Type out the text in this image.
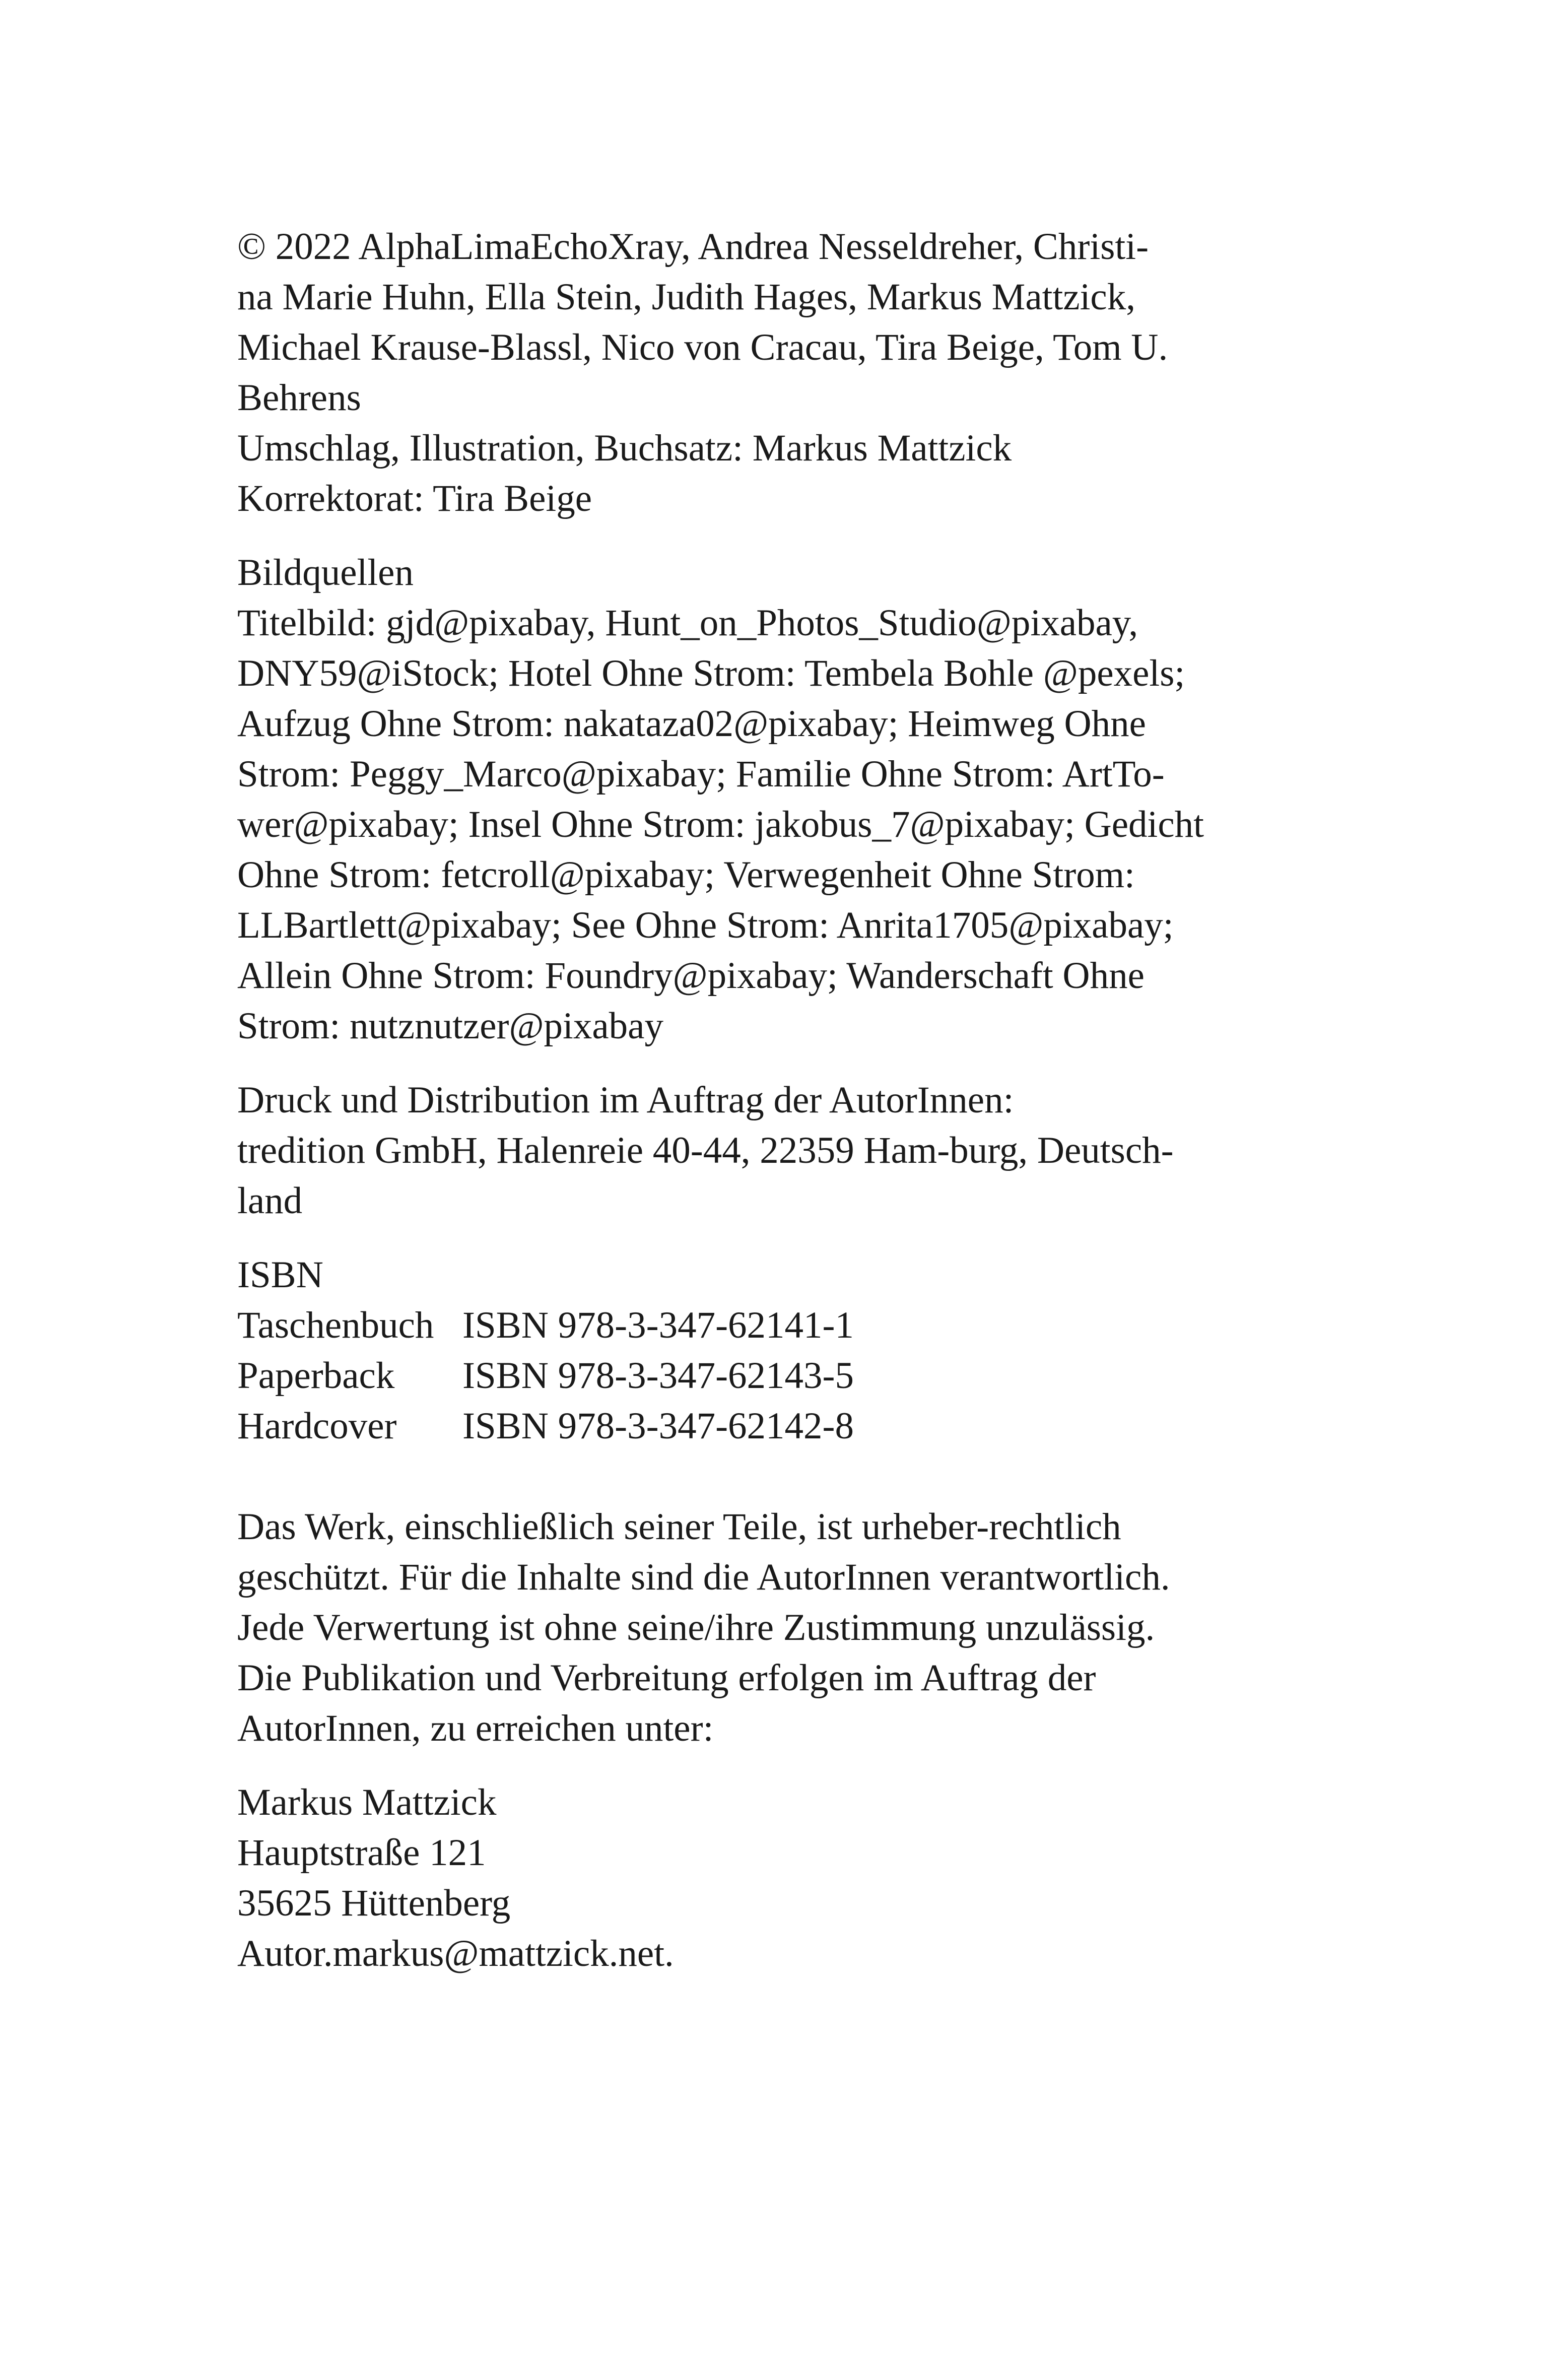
© 2022 AlphaLimaEchoXray, Andrea Nesseldreher, Christi-
na Marie Huhn, Ella Stein, Judith Hages, Markus Mattzick,
Michael Krause-Blassl, Nico von Cracau, Tira Beige, Tom U.
Behrens
Umschlag, Illustration, Buchsatz: Markus Mattzick
Korrektorat: Tira Beige
Bildquellen
Titelbild: gjd@pixabay, Hunt_on_Photos_Studio@pixabay,
DNY59@iStock; Hotel Ohne Strom: Tembela Bohle @pexels;
Aufzug Ohne Strom: nakataza02@pixabay; Heimweg Ohne
Strom: Peggy_Marco@pixabay; Familie Ohne Strom: ArtTo-
wer@pixabay; Insel Ohne Strom: jakobus_7@pixabay; Gedicht
Ohne Strom: fetcroll@pixabay; Verwegenheit Ohne Strom:
LLBartlett@pixabay; See Ohne Strom: Anrita1705@pixabay;
Allein Ohne Strom: Foundry@pixabay; Wanderschaft Ohne
Strom: nutznutzer@pixabay
Druck und Distribution im Auftrag der AutorInnen:
tredition GmbH, Halenreie 40-44, 22359 Ham-burg, Deutsch-
land
ISBN
Taschenbuch ISBN 978-3-347-62141-1
Paperback ISBN 978-3-347-62143-5
Hardcover ISBN 978-3-347-62142-8
Das Werk, einschließlich seiner Teile, ist urheber-rechtlich
geschützt. Für die Inhalte sind die AutorInnen verantwortlich.
Jede Verwertung ist ohne seine/ihre Zustimmung unzulässig.
Die Publikation und Verbreitung erfolgen im Auftrag der
AutorInnen, zu erreichen unter:
Markus Mattzick
Hauptstraße 121
35625 Hüttenberg
Autor.markus@mattzick.net.
